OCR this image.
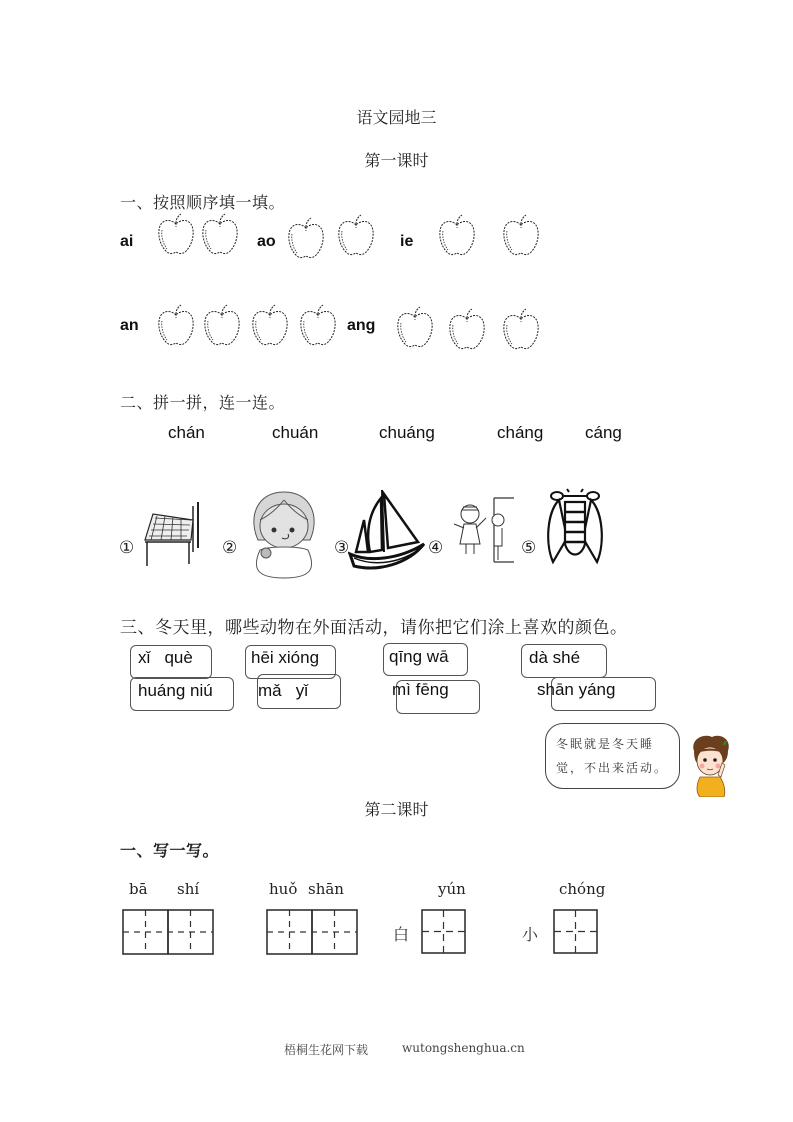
语文园地三
第一课时
一、按照顺序填一填。
ai	ao	ie
an	ang
二、拼一拼，连一连。
chán	chuán	chuáng	cháng cáng
①	②	③	④	⑤
三、冬天里，哪些动物在外面活动，请你把它们涂上喜欢的颜色。
xǐ   què	hēi xióng	qīng wā	dà shé
huáng niú	mǎ   yǐ	mì fēng	shān yáng
冬眠就是冬天睡
觉，不出来活动。
第二课时
一、写一写。
bā shí	huǒ shān	yún	chóng
白	小
梧桐生花网下载	wutongshenghua.cn
